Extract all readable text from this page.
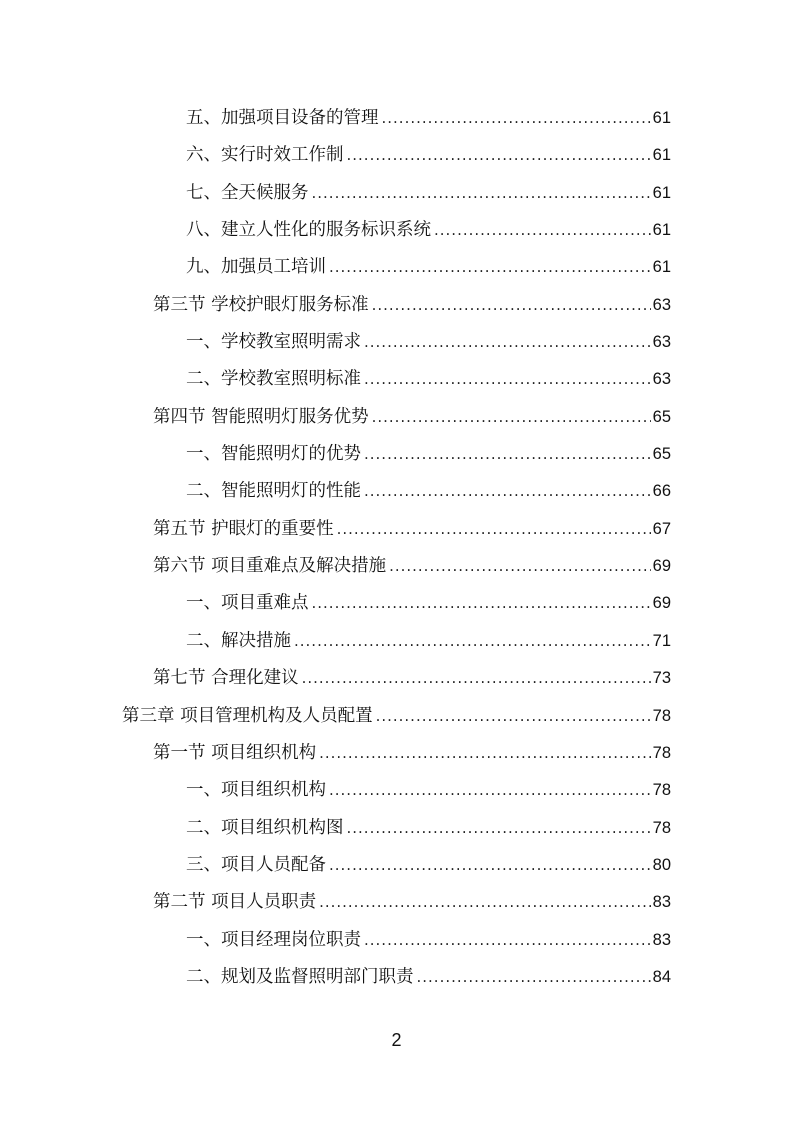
五、加强项目设备的管理 .....	61
六、实行时效工作制 .....	61
七、全天候服务 .....	61
八、建立人性化的服务标识系统 .....	61
九、加强员工培训 .....	61
第三节 学校护眼灯服务标准 .....	63
一、学校教室照明需求 .....	63
二、学校教室照明标准 .....	63
第四节 智能照明灯服务优势 .....	65
一、智能照明灯的优势 .....	65
二、智能照明灯的性能 .....	66
第五节 护眼灯的重要性 .....	67
第六节 项目重难点及解决措施 .....	69
一、项目重难点 .....	69
二、解决措施 .....	71
第七节 合理化建议 .....	73
第三章 项目管理机构及人员配置 .....	78
第一节 项目组织机构 .....	78
一、项目组织机构 .....	78
二、项目组织机构图 .....	78
三、项目人员配备 .....	80
第二节 项目人员职责 .....	83
一、项目经理岗位职责 .....	83
二、规划及监督照明部门职责 .....	84
2
